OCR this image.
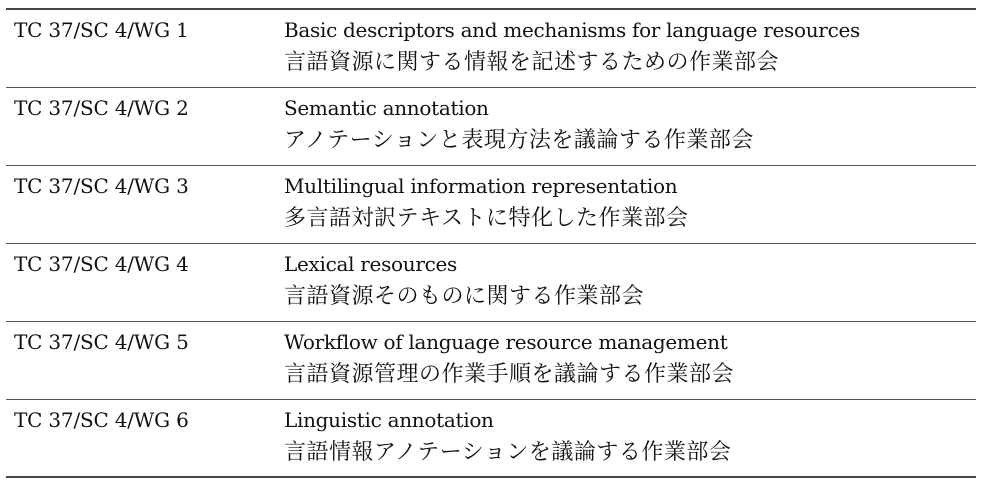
TC 37/SC 4/WG 1	Basic descriptors and mechanisms for language resources
言語資源に関する情報を記述するための作業部会

TC 37/SC 4/WG 2	Semantic annotation
アノテーションと表現方法を議論する作業部会

TC 37/SC 4/WG 3	Multilingual information representation
多言語対訳テキストに特化した作業部会

TC 37/SC 4/WG 4	Lexical resources
言語資源そのものに関する作業部会

TC 37/SC 4/WG 5	Workflow of language resource management
言語資源管理の作業手順を議論する作業部会

TC 37/SC 4/WG 6	Linguistic annotation
言語情報アノテーションを議論する作業部会
